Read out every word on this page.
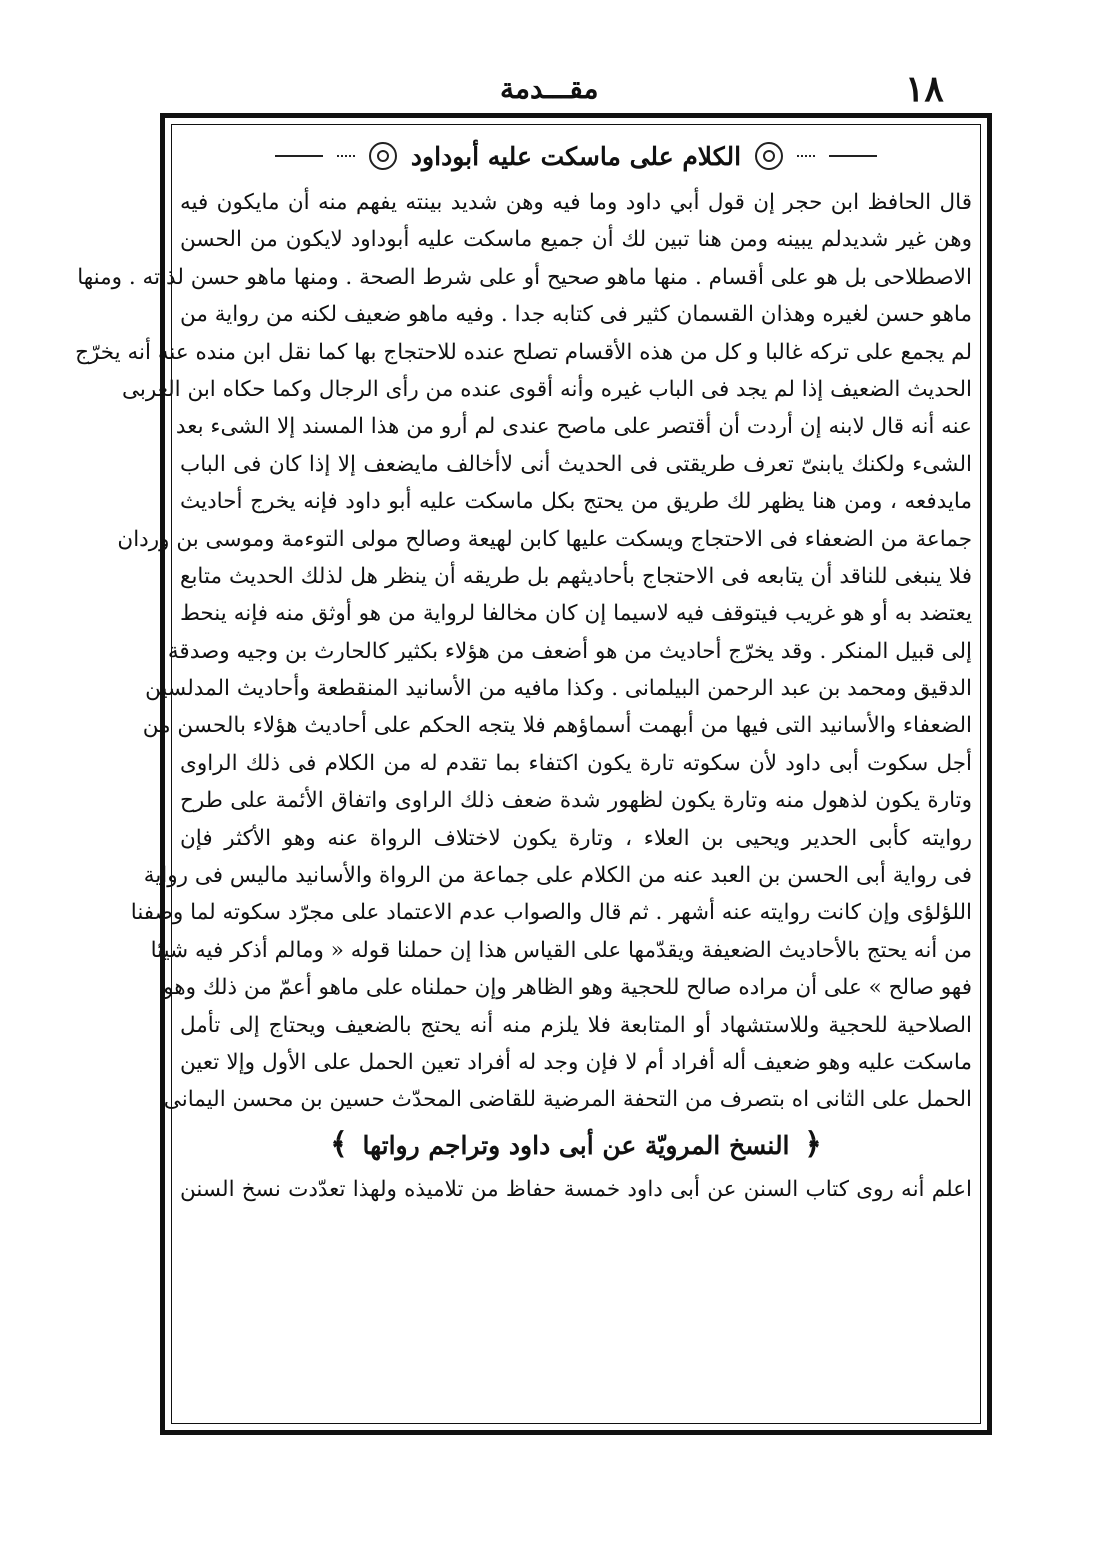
١٨
مقـــدمة
الكلام على ماسكت عليه أبوداود
قال الحافظ ابن حجر إن قول أبي داود وما فيه وهن شديد بينته يفهم منه أن مايكون فيه
وهن غير شديدلم يبينه ومن هنا تبين لك أن جميع ماسكت عليه أبوداود لايكون من الحسن
الاصطلاحى بل هو على أقسام . منها ماهو صحيح أو على شرط الصحة . ومنها ماهو حسن لذاته . ومنها
ماهو حسن لغيره وهذان القسمان كثير فى كتابه جدا . وفيه ماهو ضعيف لكنه من رواية من
لم يجمع على تركه غالبا و كل من هذه الأقسام تصلح عنده للاحتجاج بها كما نقل ابن منده عنه أنه يخرّج
الحديث الضعيف إذا لم يجد فى الباب غيره وأنه أقوى عنده من رأى الرجال وكما حكاه ابن العربى
عنه أنه قال لابنه إن أردت أن أقتصر على ماصح عندى لم أرو من هذا المسند إلا الشىء بعد
الشىء ولكنك يابنىّ تعرف طريقتى فى الحديث أنى لاأخالف مايضعف إلا إذا كان فى الباب
مايدفعه ، ومن هنا يظهر لك طريق من يحتج بكل ماسكت عليه أبو داود فإنه يخرج أحاديث
جماعة من الضعفاء فى الاحتجاج ويسكت عليها كابن لهيعة وصالح مولى التوءمة وموسى بن وردان
فلا ينبغى للناقد أن يتابعه فى الاحتجاج بأحاديثهم بل طريقه أن ينظر هل لذلك الحديث متابع
يعتضد به أو هو غريب فيتوقف فيه لاسيما إن كان مخالفا لرواية من هو أوثق منه فإنه ينحط
إلى قبيل المنكر . وقد يخرّج أحاديث من هو أضعف من هؤلاء بكثير كالحارث بن وجيه وصدقة
الدقيق ومحمد بن عبد الرحمن البيلمانى . وكذا مافيه من الأسانيد المنقطعة وأحاديث المدلسين
الضعفاء والأسانيد التى فيها من أبهمت أسماؤهم فلا يتجه الحكم على أحاديث هؤلاء بالحسن من
أجل سكوت أبى داود لأن سكوته تارة يكون اكتفاء بما تقدم له من الكلام فى ذلك الراوى
وتارة يكون لذهول منه وتارة يكون لظهور شدة ضعف ذلك الراوى واتفاق الأئمة على طرح
روايته كأبى الحدير ويحيى بن العلاء ، وتارة يكون لاختلاف الرواة عنه وهو الأكثر فإن
فى رواية أبى الحسن بن العبد عنه من الكلام على جماعة من الرواة والأسانيد ماليس فى رواية
اللؤلؤى وإن كانت روايته عنه أشهر . ثم قال والصواب عدم الاعتماد على مجرّد سكوته لما وصفنا
من أنه يحتج بالأحاديث الضعيفة ويقدّمها على القياس هذا إن حملنا قوله « ومالم أذكر فيه شيئا
فهو صالح » على أن مراده صالح للحجية وهو الظاهر وإن حملناه على ماهو أعمّ من ذلك وهو
الصلاحية للحجية وللاستشهاد أو المتابعة فلا يلزم منه أنه يحتج بالضعيف ويحتاج إلى تأمل
ماسكت عليه وهو ضعيف أله أفراد أم لا فإن وجد له أفراد تعين الحمل على الأول وإلا تعين
الحمل على الثانى اه بتصرف من التحفة المرضية للقاضى المحدّث حسين بن محسن اليمانى
﴿ النسخ المرويّة عن أبى داود وتراجم رواتها ﴾
اعلم أنه روى كتاب السنن عن أبى داود خمسة حفاظ من تلاميذه ولهذا تعدّدت نسخ السنن
